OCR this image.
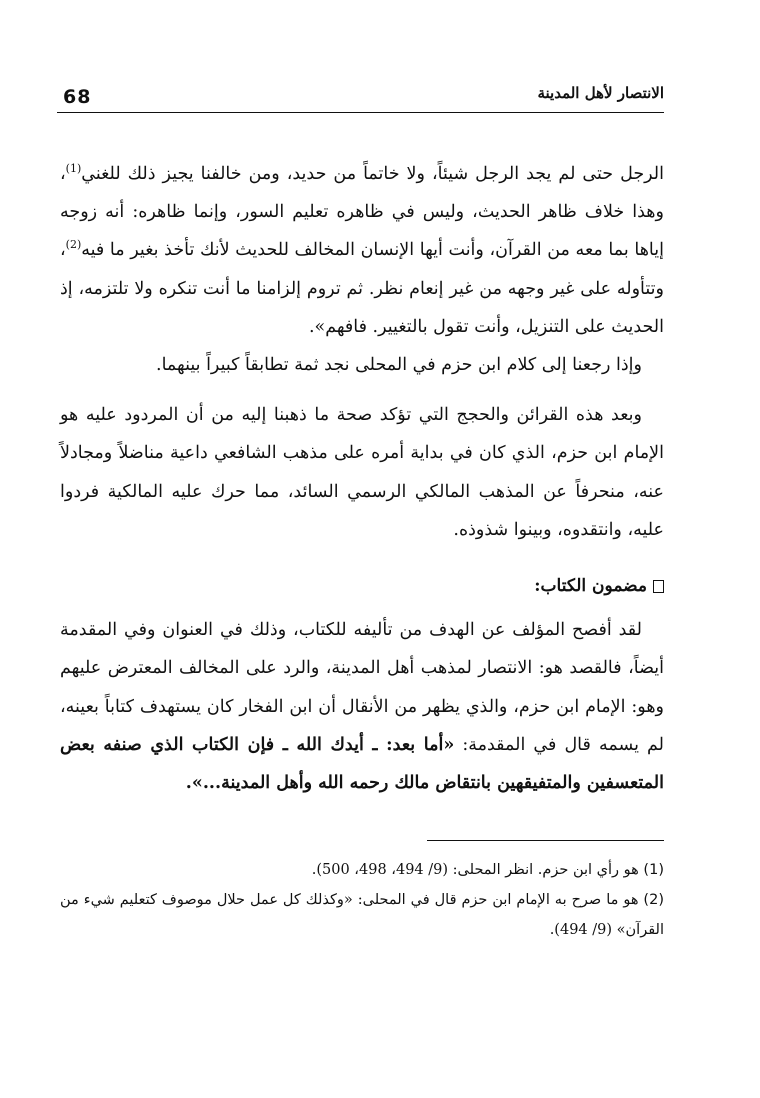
68	الانتصار لأهل المدينة

الرجل حتى لم يجد الرجل شيئاً، ولا خاتماً من حديد، ومن خالفنا يجيز ذلك للغني$^{(1)}$، وهذا خلاف ظاهر الحديث، وليس في ظاهره تعليم السور، وإنما ظاهره: أنه زوجه إياها بما معه من القرآن، وأنت أيها الإنسان المخالف للحديث لأنك تأخذ بغير ما فيه$^{(2)}$، وتتأوله على غير وجهه من غير إنعام نظر. ثم تروم إلزامنا ما أنت تنكره ولا تلتزمه، إذ الحديث على التنزيل، وأنت تقول بالتغيير. فافهم».

وإذا رجعنا إلى كلام ابن حزم في المحلى نجد ثمة تطابقاً كبيراً بينهما.

وبعد هذه القرائن والحجج التي تؤكد صحة ما ذهبنا إليه من أن المردود عليه هو الإمام ابن حزم، الذي كان في بداية أمره على مذهب الشافعي داعية مناضلاً ومجادلاً عنه، منحرفاً عن المذهب المالكي الرسمي السائد، مما حرك عليه المالكية فردوا عليه، وانتقدوه، وبينوا شذوذه.

مضمون الكتاب:

لقد أفصح المؤلف عن الهدف من تأليفه للكتاب، وذلك في العنوان وفي المقدمة أيضاً، فالقصد هو: الانتصار لمذهب أهل المدينة، والرد على المخالف المعترض عليهم وهو: الإمام ابن حزم، والذي يظهر من الأنقال أن ابن الفخار كان يستهدف كتاباً بعينه، لم يسمه قال في المقدمة: «أما بعد: ـ أيدك الله ـ فإن الكتاب الذي صنفه بعض المتعسفين والمتفيقهين بانتقاض مالك رحمه الله وأهل المدينة...».

(1) هو رأي ابن حزم. انظر المحلى: (9/ 494، 498، 500).

(2) هو ما صرح به الإمام ابن حزم قال في المحلى: «وكذلك كل عمل حلال موصوف كتعليم شيء من القرآن» (9/ 494).
